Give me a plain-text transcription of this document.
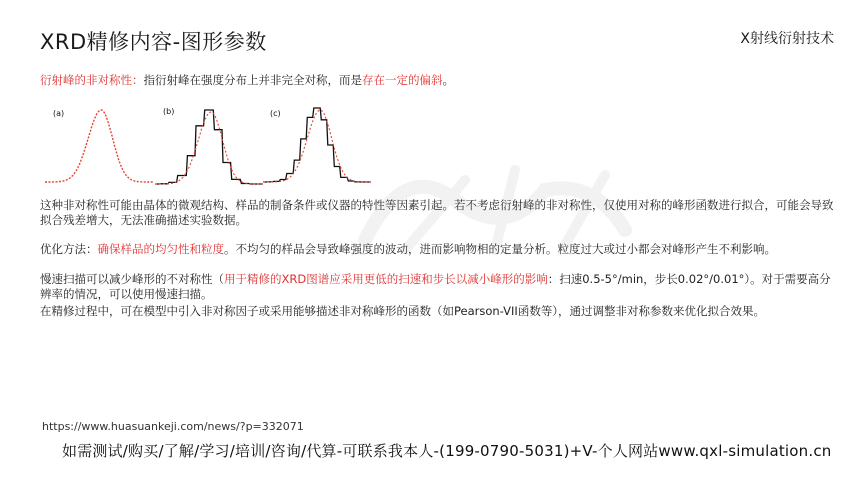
XRD精修内容-图形参数	X射线衍射技术
衍射峰的非对称性：指衍射峰在强度分布上并非完全对称，而是存在一定的偏斜。
(a)	(b)	(c)
这种非对称性可能由晶体的微观结构、样品的制备条件或仪器的特性等因素引起。若不考虑衍射峰的非对称性，仅使用对称的峰形函数进行拟合，可能会导致拟合残差增大，无法准确描述实验数据。
优化方法：确保样品的均匀性和粒度。不均匀的样品会导致峰强度的波动，进而影响物相的定量分析。粒度过大或过小都会对峰形产生不利影响。
慢速扫描可以减少峰形的不对称性（用于精修的XRD图谱应采用更低的扫速和步长以减小峰形的影响：扫速0.5-5°/min，步长0.02°/0.01°）。对于需要高分辨率的情况，可以使用慢速扫描。
在精修过程中，可在模型中引入非对称因子或采用能够描述非对称峰形的函数（如Pearson-VII函数等），通过调整非对称参数来优化拟合效果。
https://www.huasuankeji.com/news/?p=332071
如需测试/购买/了解/学习/培训/咨询/代算-可联系我本人-(199-0790-5031)+V-个人网站www.qxl-simulation.cn
